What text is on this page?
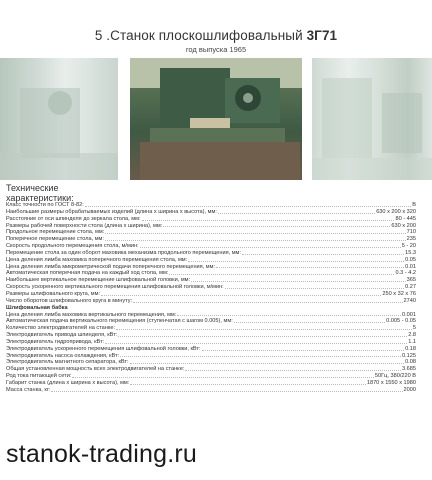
5 .Станок плоскошлифовальный 3Г71
год выпуска 1965
Технические
характеристики:
Класс точности по ГОСТ 8-82:	В
Наибольшие размеры обрабатываемых изделий (длина х ширина х высота), мм:	630 х 200 х 320
Расстояние от оси шпинделя до зеркала стола, мм:	80 - 445
Размеры рабочей поверхности стола (длина х ширина), мм:	630 х 200
Продольное перемещение стола, мм:	710
Поперечное перемещение стола, мм:	235
Скорость продольного перемещения стола, м/мин:	5 - 20
Перемещение стола за один оборот маховика механизма продольного перемещения, мм:	15.3
Цена деления лимба маховика поперечного перемещения стола, мм:	0.05
Цена деления лимба микрометрической подачи поперечного перемещения, мм:	0.01
Автоматическая поперечная подача на каждый ход стола, мм:	0.3 - 4.2
Наибольшее вертикальное перемещение шлифовальной головки, мм:	365
Скорость ускоренного вертикального перемещения шлифовальной головки, м/мин:	0.27
Размеры шлифовального круга, мм:	250 х 32 х 76
Число оборотов шлифовального круга в минуту:	2740
Шлифовальная бабка
Цена деления лимба маховика вертикального перемещения, мм:	0.001
Автоматическая подача вертикального перемещения (ступенчатая с шагом 0.005), мм:	0.005 - 0.05
Количество электродвигателей на станке:	5
Электродвигатель привода шпинделя, кВт:	2.8
Электродвигатель гидропривода, кВт:	1.1
Электродвигатель ускоренного перемещения шлифовальной головки, кВт:	0.18
Электродвигатель насоса охлаждения, кВт:	0.125
Электродвигатель магнитного сепаратора, кВт:	0.08
Общая установленная мощность всех электродвигателей на станке:	3.685
Род тока питающей сети:	50Гц, 380/220 В
Габарит станка (длина х ширина х высота), мм:	1870 х 1550 х 1980
Масса станка, кг:	2000
stanok-trading.ru
